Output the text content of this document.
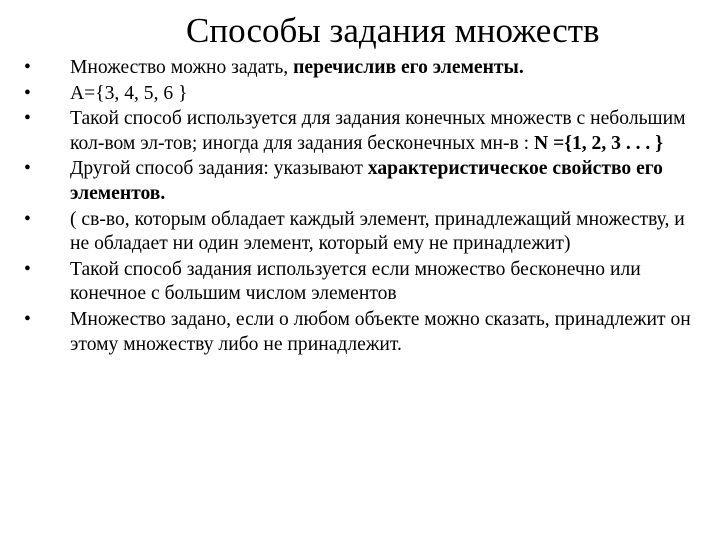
Способы задания множеств
•	Множество можно задать, перечислив его элементы.
•	А={3, 4, 5, 6 }
•	Такой способ используется для задания конечных множеств с небольшим кол-вом эл-тов; иногда для задания бесконечных мн-в : N ={1, 2, 3 . . . }
•	Другой способ задания: указывают характеристическое свойство его элементов.
•	( св-во, которым обладает каждый элемент, принадлежащий множеству, и не обладает ни один элемент, который ему не принадлежит)
•	Такой способ задания используется если множество бесконечно или конечное с большим числом элементов
•	Множество задано, если о любом объекте можно сказать, принадлежит он этому множеству либо не принадлежит.
